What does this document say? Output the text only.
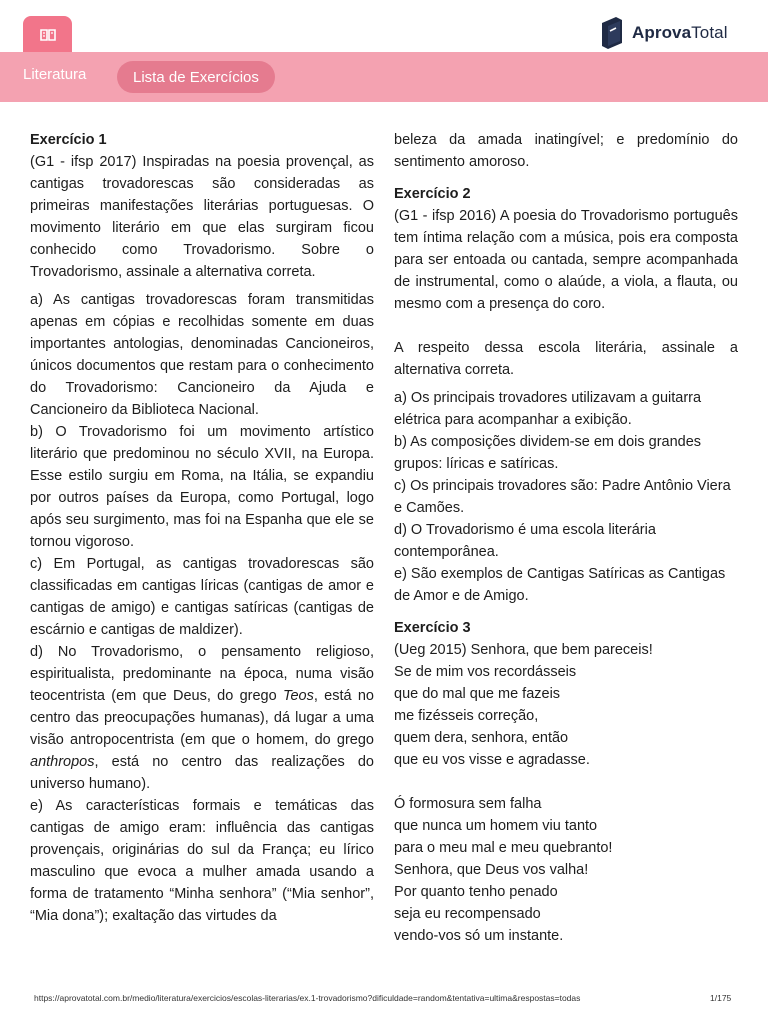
AprovaTotal
Literatura	Lista de Exercícios

Exercício 1

(G1 - ifsp 2017) Inspiradas na poesia provençal, as cantigas trovadorescas são consideradas as primeiras manifestações literárias portuguesas. O movimento literário em que elas surgiram ficou conhecido como Trovadorismo. Sobre o Trovadorismo, assinale a alternativa correta.

a) As cantigas trovadorescas foram transmitidas apenas em cópias e recolhidas somente em duas importantes antologias, denominadas Cancioneiros, únicos documentos que restam para o conhecimento do Trovadorismo: Cancioneiro da Ajuda e Cancioneiro da Biblioteca Nacional.

b) O Trovadorismo foi um movimento artístico literário que predominou no século XVII, na Europa. Esse estilo surgiu em Roma, na Itália, se expandiu por outros países da Europa, como Portugal, logo após seu surgimento, mas foi na Espanha que ele se tornou vigoroso.

c) Em Portugal, as cantigas trovadorescas são classificadas em cantigas líricas (cantigas de amor e cantigas de amigo) e cantigas satíricas (cantigas de escárnio e cantigas de maldizer).

d) No Trovadorismo, o pensamento religioso, espiritualista, predominante na época, numa visão teocentrista (em que Deus, do grego Teos, está no centro das preocupações humanas), dá lugar a uma visão antropocentrista (em que o homem, do grego anthropos, está no centro das realizações do universo humano).

e) As características formais e temáticas das cantigas de amigo eram: influência das cantigas provençais, originárias do sul da França; eu lírico masculino que evoca a mulher amada usando a forma de tratamento “Minha senhora” (“Mia senhor”, “Mia dona”); exaltação das virtudes da

beleza da amada inatingível; e predomínio do sentimento amoroso.

Exercício 2

(G1 - ifsp 2016) A poesia do Trovadorismo português tem íntima relação com a música, pois era composta para ser entoada ou cantada, sempre acompanhada de instrumental, como o alaúde, a viola, a flauta, ou mesmo com a presença do coro.

A respeito dessa escola literária, assinale a alternativa correta.

a) Os principais trovadores utilizavam a guitarra elétrica para acompanhar a exibição.

b) As composições dividem-se em dois grandes grupos: líricas e satíricas.

c) Os principais trovadores são: Padre Antônio Viera e Camões.

d) O Trovadorismo é uma escola literária contemporânea.

e) São exemplos de Cantigas Satíricas as Cantigas de Amor e de Amigo.

Exercício 3

(Ueg 2015) Senhora, que bem pareceis!

Se de mim vos recordásseis

que do mal que me fazeis

me fizésseis correção,

quem dera, senhora, então

que eu vos visse e agradasse.

Ó formosura sem falha

que nunca um homem viu tanto

para o meu mal e meu quebranto!

Senhora, que Deus vos valha!

Por quanto tenho penado

seja eu recompensado

vendo-vos só um instante.

https://aprovatotal.com.br/medio/literatura/exercicios/escolas-literarias/ex.1-trovadorismo?dificuldade=random&tentativa=ultima&respostas=todas	1/175
